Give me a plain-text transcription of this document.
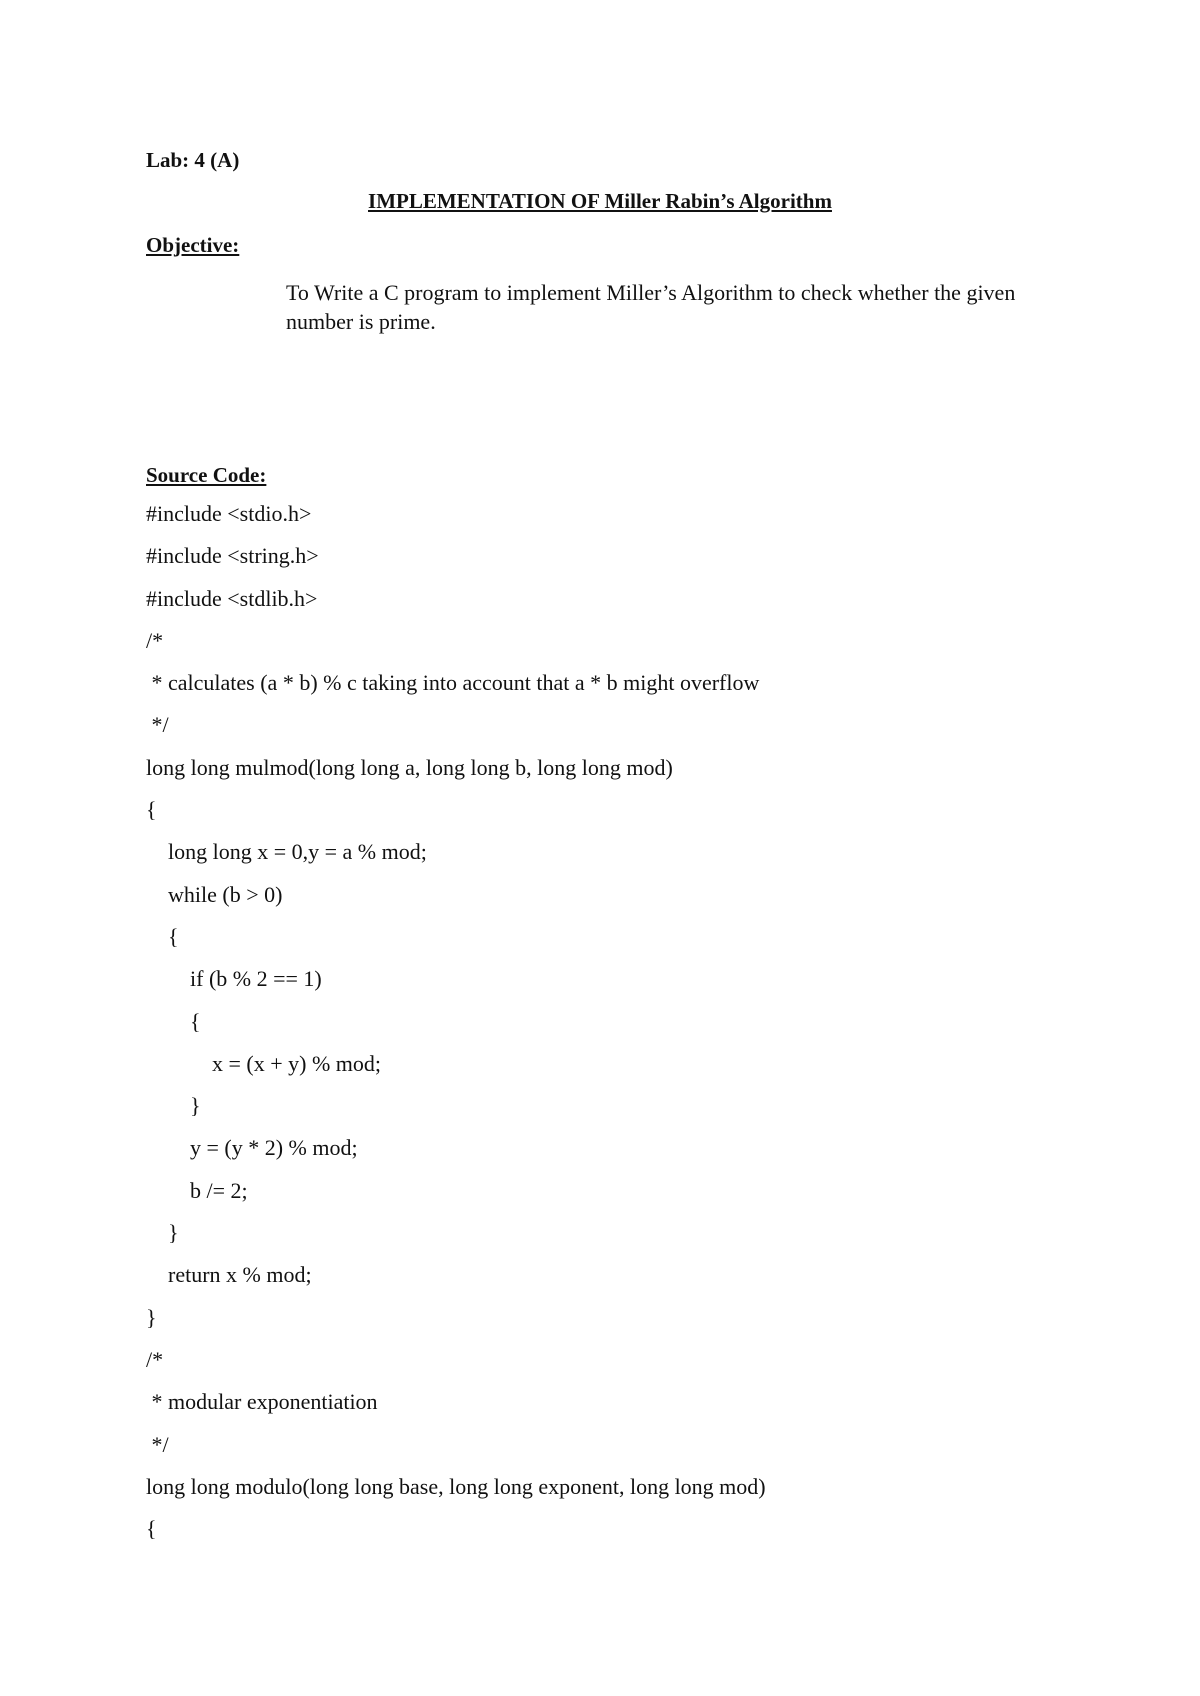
Lab: 4 (A)
IMPLEMENTATION OF Miller Rabin’s Algorithm
Objective:
To Write a C program to implement Miller’s Algorithm to check whether the given number is prime.
Source Code:
#include <stdio.h>
#include <string.h>
#include <stdlib.h>
/*
* calculates (a * b) % c taking into account that a * b might overflow
*/
long long mulmod(long long a, long long b, long long mod)
{
long long x = 0,y = a % mod;
while (b > 0)
{
if (b % 2 == 1)
{
x = (x + y) % mod;
}
y = (y * 2) % mod;
b /= 2;
}
return x % mod;
}
/*
* modular exponentiation
*/
long long modulo(long long base, long long exponent, long long mod)
{
